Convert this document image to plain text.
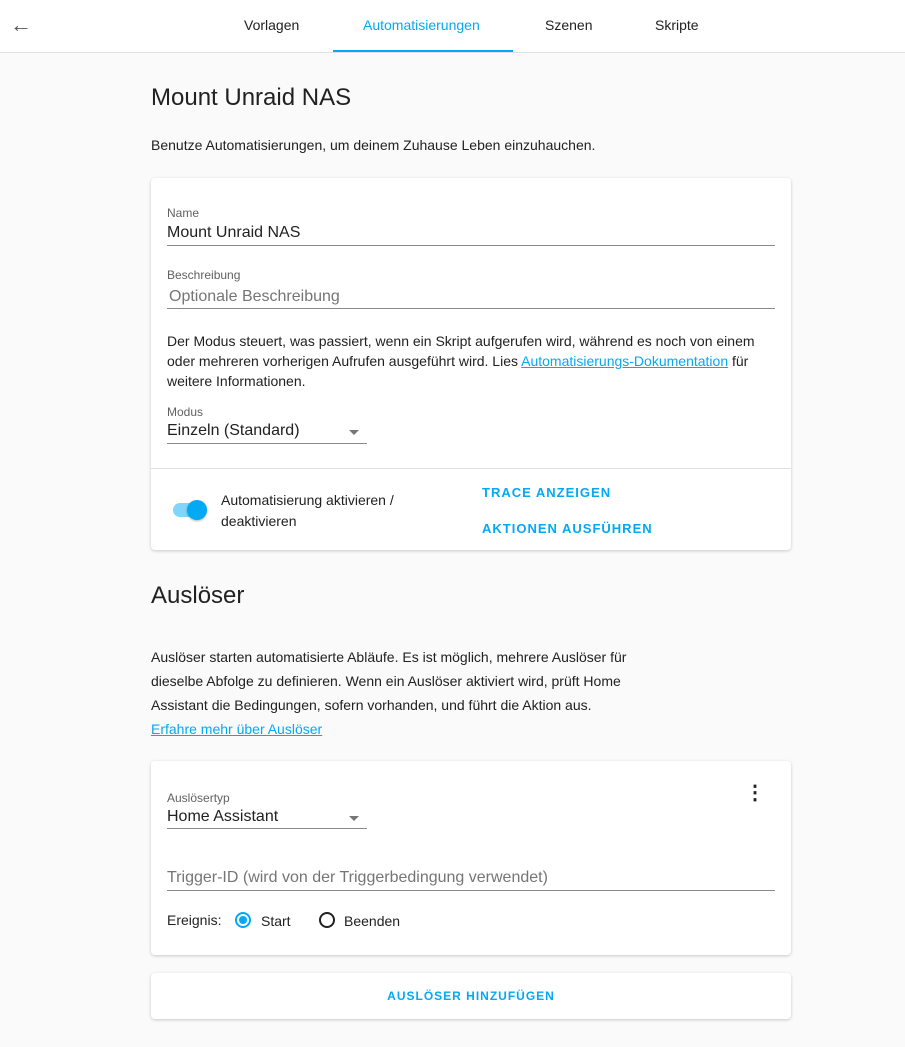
←	Vorlagen	Automatisierungen	Szenen	Skripte
Mount Unraid NAS
Benutze Automatisierungen, um deinem Zuhause Leben einzuhauchen.
Name
Mount Unraid NAS
Beschreibung
Optionale Beschreibung
Der Modus steuert, was passiert, wenn ein Skript aufgerufen wird, während es noch von einem oder mehreren vorherigen Aufrufen ausgeführt wird. Lies Automatisierungs-Dokumentation für weitere Informationen.
Modus
Einzeln (Standard)
Automatisierung aktivieren / deaktivieren
TRACE ANZEIGEN
AKTIONEN AUSFÜHREN
Auslöser
Auslöser starten automatisierte Abläufe. Es ist möglich, mehrere Auslöser für dieselbe Abfolge zu definieren. Wenn ein Auslöser aktiviert wird, prüft Home Assistant die Bedingungen, sofern vorhanden, und führt die Aktion aus.
Erfahre mehr über Auslöser
Auslösertyp
Home Assistant
⋮
Trigger-ID (wird von der Triggerbedingung verwendet)
Ereignis:	Start	Beenden
AUSLÖSER HINZUFÜGEN
